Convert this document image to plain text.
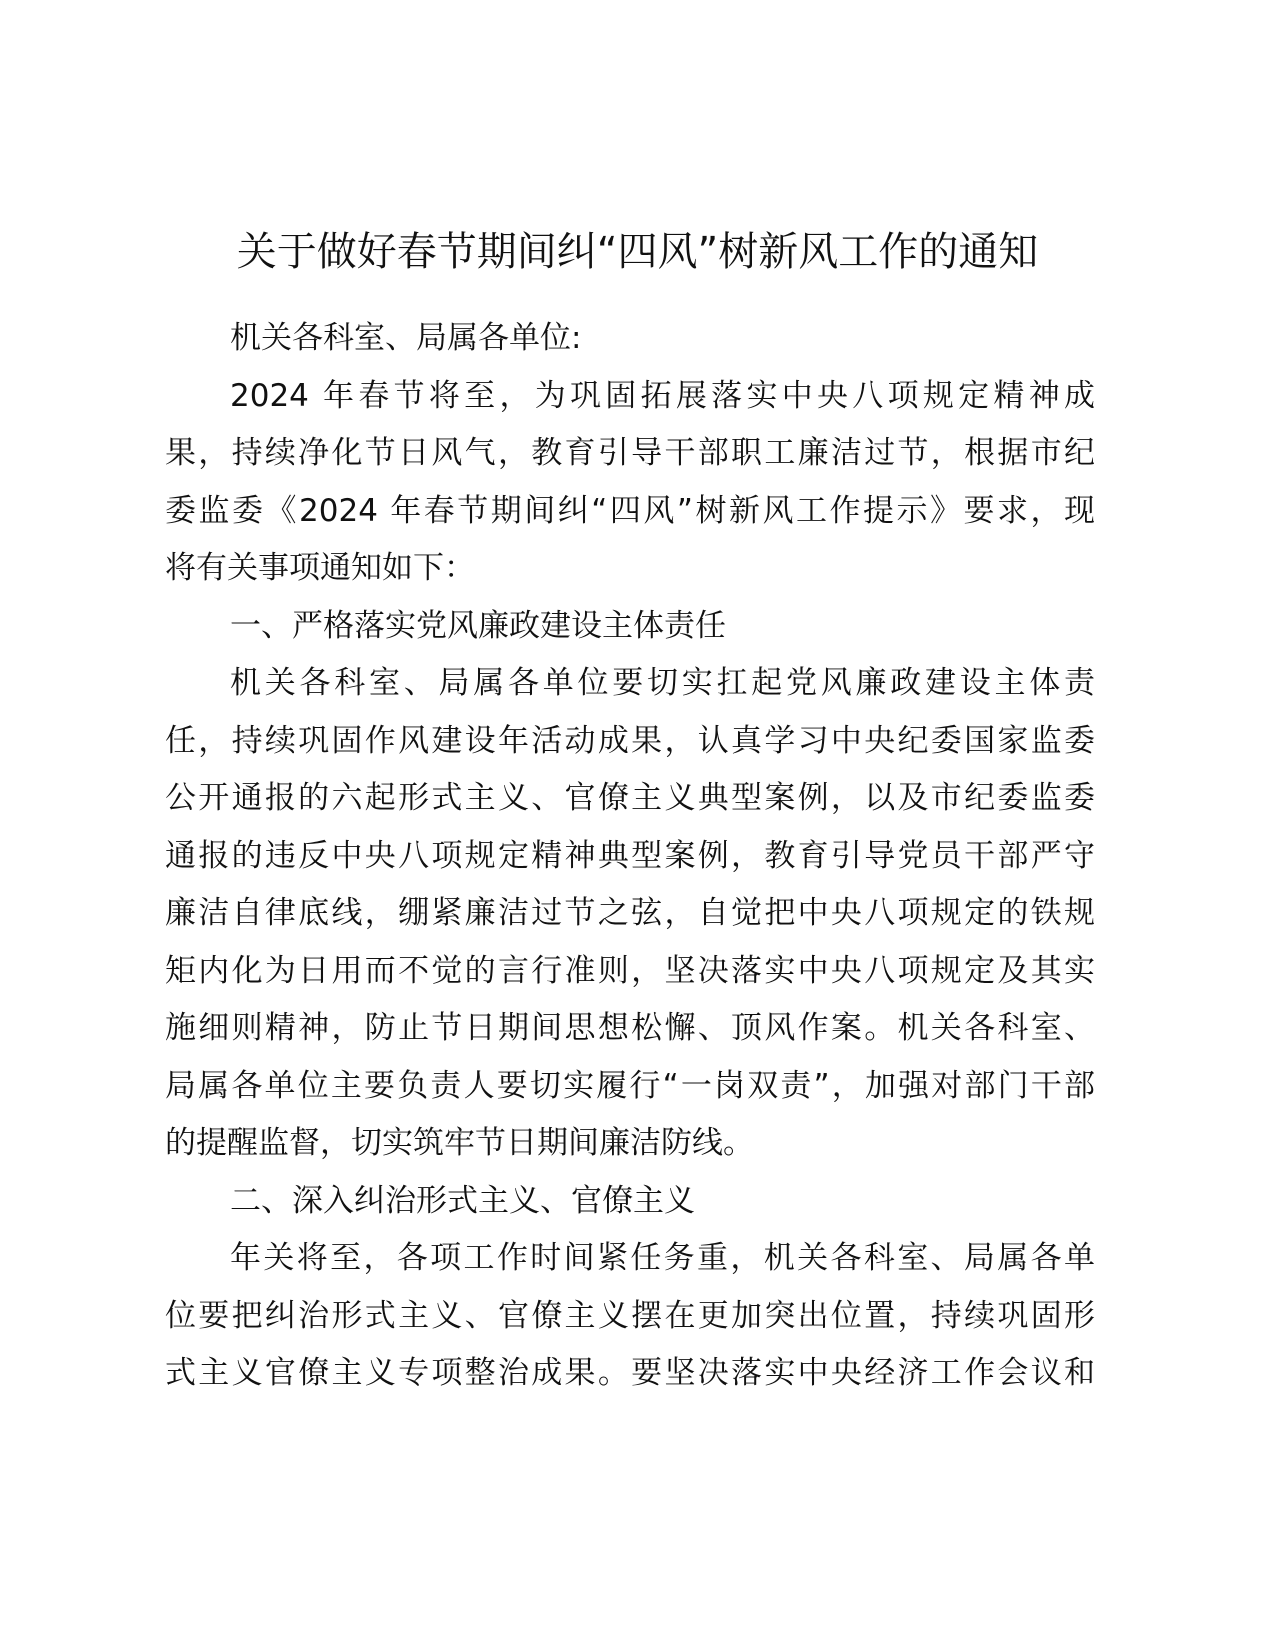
关于做好春节期间纠“四风”树新风工作的通知
机关各科室、局属各单位:
2024 年春节将至，为巩固拓展落实中央八项规定精神成
果，持续净化节日风气，教育引导干部职工廉洁过节，根据市纪
委监委《2024 年春节期间纠“四风”树新风工作提示》要求，现
将有关事项通知如下：
一、严格落实党风廉政建设主体责任
机关各科室、局属各单位要切实扛起党风廉政建设主体责
任，持续巩固作风建设年活动成果，认真学习中央纪委国家监委
公开通报的六起形式主义、官僚主义典型案例，以及市纪委监委
通报的违反中央八项规定精神典型案例，教育引导党员干部严守
廉洁自律底线，绷紧廉洁过节之弦，自觉把中央八项规定的铁规
矩内化为日用而不觉的言行准则，坚决落实中央八项规定及其实
施细则精神，防止节日期间思想松懈、顶风作案。机关各科室、
局属各单位主要负责人要切实履行“一岗双责”，加强对部门干部
的提醒监督，切实筑牢节日期间廉洁防线。
二、深入纠治形式主义、官僚主义
年关将至，各项工作时间紧任务重，机关各科室、局属各单
位要把纠治形式主义、官僚主义摆在更加突出位置，持续巩固形
式主义官僚主义专项整治成果。要坚决落实中央经济工作会议和
